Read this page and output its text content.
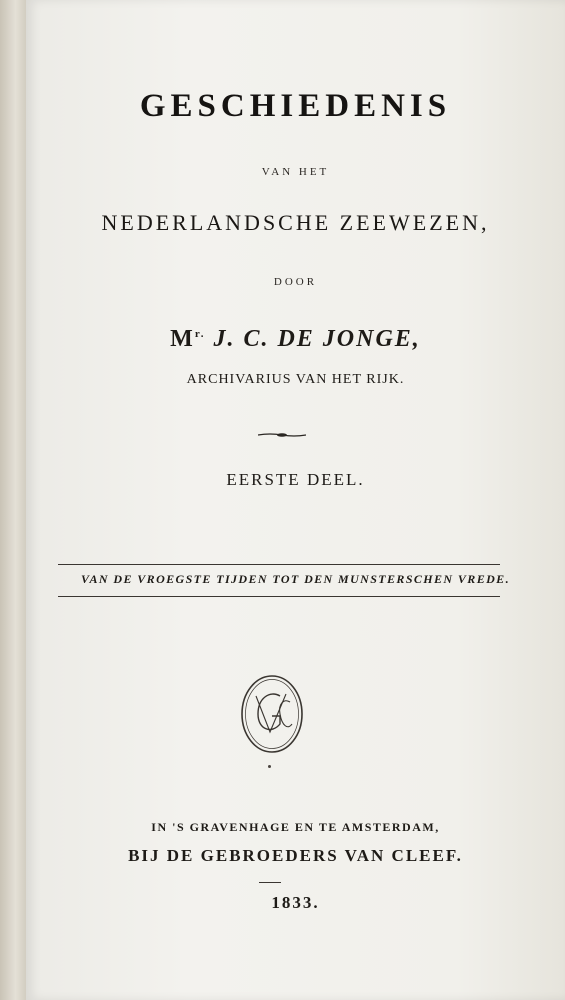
GESCHIEDENIS
VAN HET
NEDERLANDSCHE ZEEWEZEN,
DOOR
$M^{r.}$ J. C. DE JONGE,
ARCHIVARIUS VAN HET RIJK.
EERSTE DEEL.
VAN DE VROEGSTE TIJDEN TOT DEN MUNSTERSCHEN VREDE.
IN 'S GRAVENHAGE EN TE AMSTERDAM,
BIJ DE GEBROEDERS VAN CLEEF.
1833.
